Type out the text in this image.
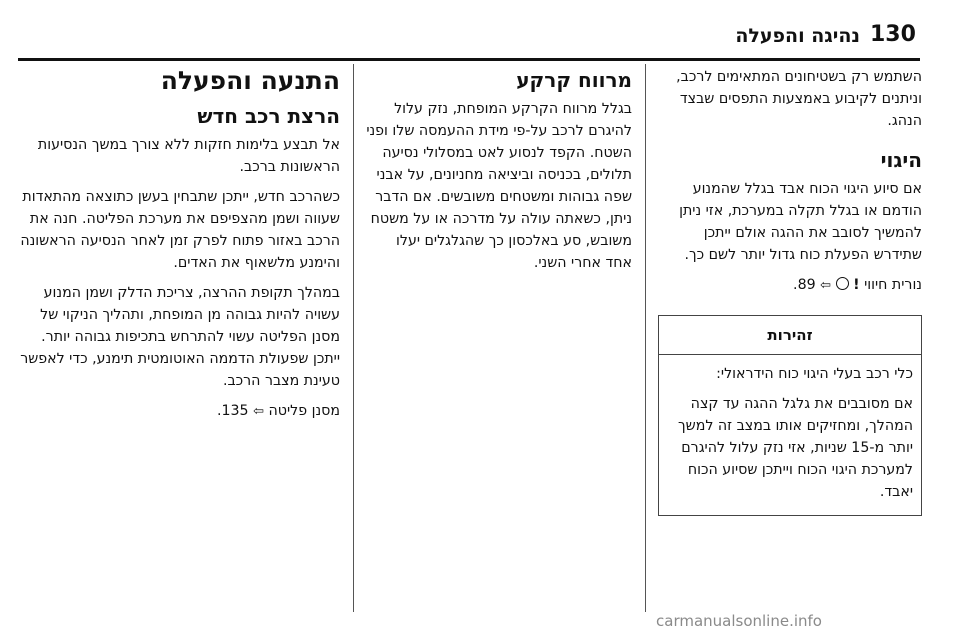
130
נהיגה והפעלה

השתמש רק בשטיחונים המתאימים לרכב, ונית‏נים לקיבוע באמצעות התפסים שבצד הנהג.

היגוי

אם סיוע היגוי הכוח אבד בגלל שהמנוע הודמם או בגלל תקלה במערכת, אזי ניתן להמשיך לסובב את ההגה אולם ייתכן שתידרש הפעלת כוח גדול יותר לשם כך.

נורית חיווי !  ⇦ 89.

זהירות

כלי רכב בעלי היגוי כוח הידראולי:

אם מסובבים את גלגל ההגה עד קצה המהלך, ומחזיקים אותו במצב זה למשך יותר מ-15 שניות, אזי נזק עלול להיגרם למערכת היגוי הכוח וייתכן שסיוע הכוח יאבד.

מרווח קרקע

בגלל מרווח הקרקע המופחת, נזק עלול להיגרם לרכב על-פי מידת ההעמסה שלו ופני השטח. הקפד לנסוע לאט במסלולי נסיעה תלולים, בכניסה וביציאה מחניונים, על אבני שפה גבוהות ומשטחים משובשים. אם הדבר ניתן, כשאתה עולה על מדרכה או על משטח משובש, סע באלכסון כך שהגלגלים יעלו אחד אחרי השני.

התנעה והפעלה
הרצת רכב חדש

אל תבצע בלימות חזקות ללא צורך במשך הנסיעות הראשונות ברכב.

כשהרכב חדש, ייתכן שתבחין בעשן כתוצאה מהתאדות שעווה ושמן מהצפיפם את מערכת הפליטה. חנה את הרכב באזור פתוח לפרק זמן לאחר הנסיעה הראשונה והימנע מלשאוף את האדים.

במהלך תקופת ההרצה, צריכת הדלק ושמן המנוע עשויה להיות גבוהה מן המופחת, ותהליך הניקוי של מסנן הפליטה עשוי להתרחש בתכיפות גבוהה יותר. ייתכן שפעולת הדממה האוטומטית תימנע, כדי לאפשר טעינת מצבר הרכב.

מסנן פליטה ⇦ 135.

carmanualsonline.info
